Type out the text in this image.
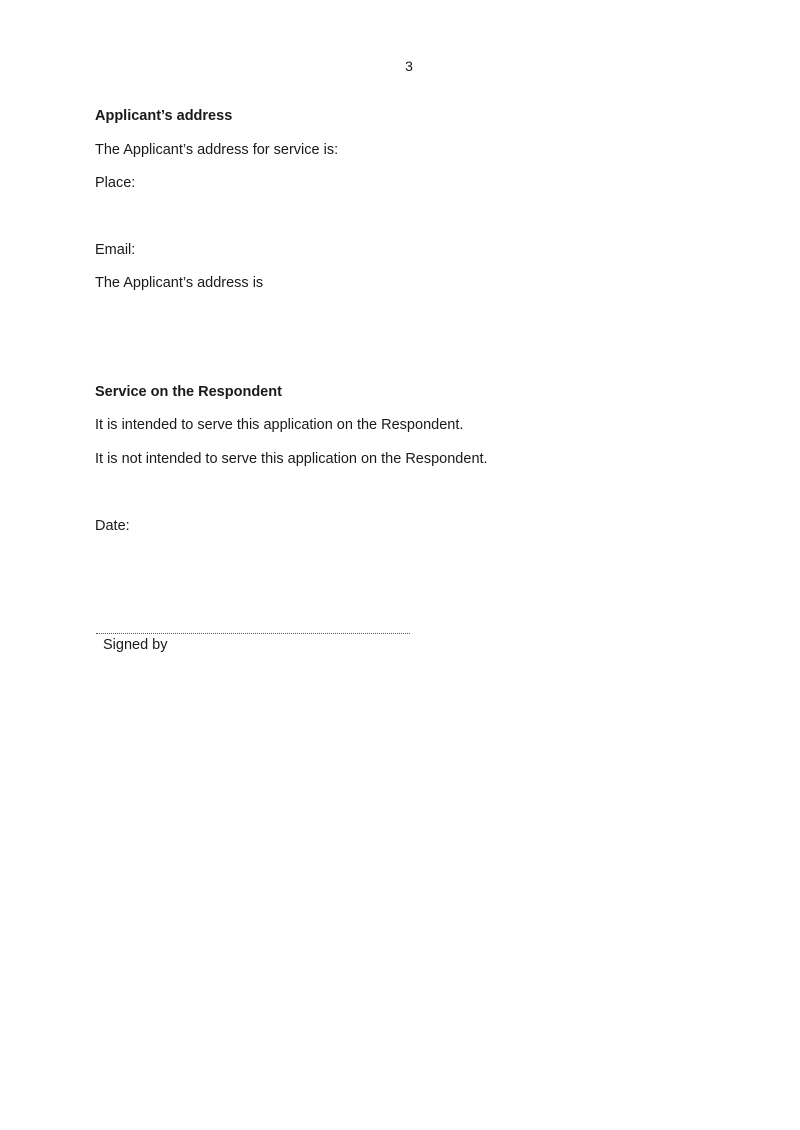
3
Applicant’s address
The Applicant’s address for service is:
Place:
Email:
The Applicant’s address is
Service on the Respondent
It is intended to serve this application on the Respondent.
It is not intended to serve this application on the Respondent.
Date:
Signed by
